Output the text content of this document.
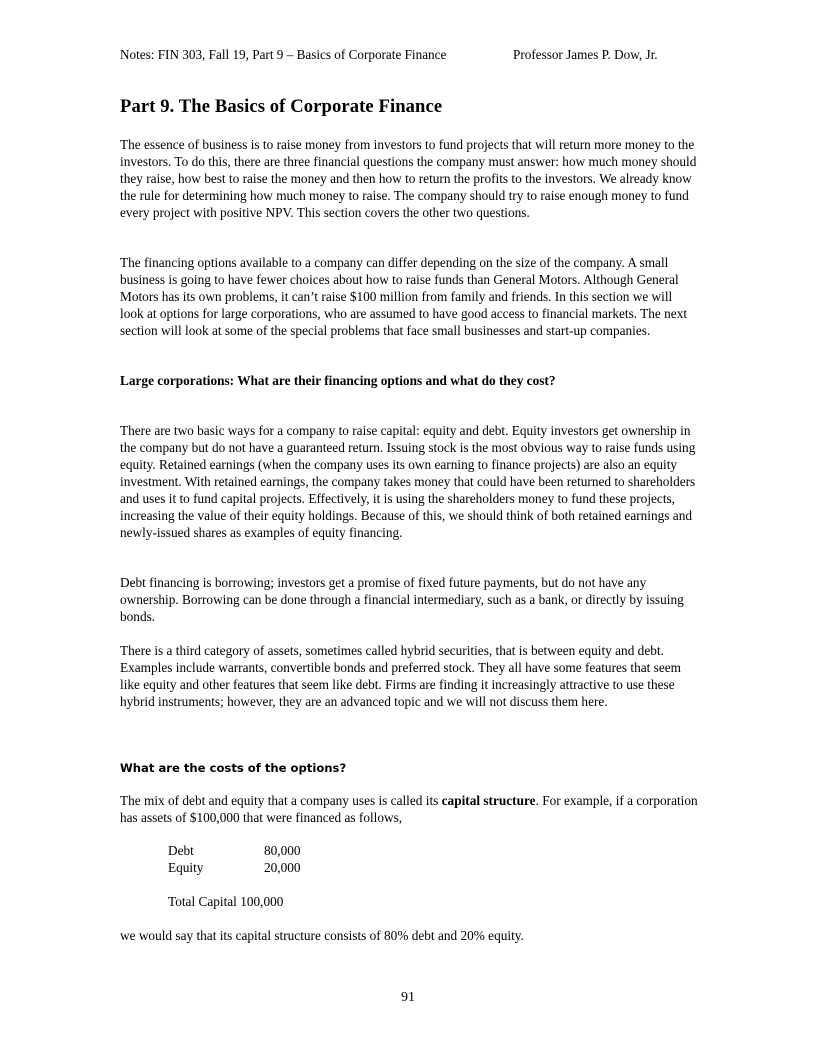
Notes: FIN 303, Fall 19, Part 9 – Basics of Corporate Finance	Professor James P. Dow, Jr.
Part 9. The Basics of Corporate Finance

The essence of business is to raise money from investors to fund projects that will return more money to the investors. To do this, there are three financial questions the company must answer: how much money should they raise, how best to raise the money and then how to return the profits to the investors. We already know the rule for determining how much money to raise. The company should try to raise enough money to fund every project with positive NPV. This section covers the other two questions.

The financing options available to a company can differ depending on the size of the company. A small business is going to have fewer choices about how to raise funds than General Motors. Although General Motors has its own problems, it can’t raise $100 million from family and friends. In this section we will look at options for large corporations, who are assumed to have good access to financial markets. The next section will look at some of the special problems that face small businesses and start-up companies.

Large corporations: What are their financing options and what do they cost?

There are two basic ways for a company to raise capital: equity and debt. Equity investors get ownership in the company but do not have a guaranteed return. Issuing stock is the most obvious way to raise funds using equity. Retained earnings (when the company uses its own earning to finance projects) are also an equity investment. With retained earnings, the company takes money that could have been returned to shareholders and uses it to fund capital projects. Effectively, it is using the shareholders money to fund these projects, increasing the value of their equity holdings. Because of this, we should think of both retained earnings and newly-issued shares as examples of equity financing.

Debt financing is borrowing; investors get a promise of fixed future payments, but do not have any ownership. Borrowing can be done through a financial intermediary, such as a bank, or directly by issuing bonds.

There is a third category of assets, sometimes called hybrid securities, that is between equity and debt. Examples include warrants, convertible bonds and preferred stock. They all have some features that seem like equity and other features that seem like debt. Firms are finding it increasingly attractive to use these hybrid instruments; however, they are an advanced topic and we will not discuss them here.

What are the costs of the options?

The mix of debt and equity that a company uses is called its capital structure. For example, if a corporation has assets of $100,000 that were financed as follows,

Debt	80,000
Equity	20,000
Total Capital 100,000

we would say that its capital structure consists of 80% debt and 20% equity.

91
